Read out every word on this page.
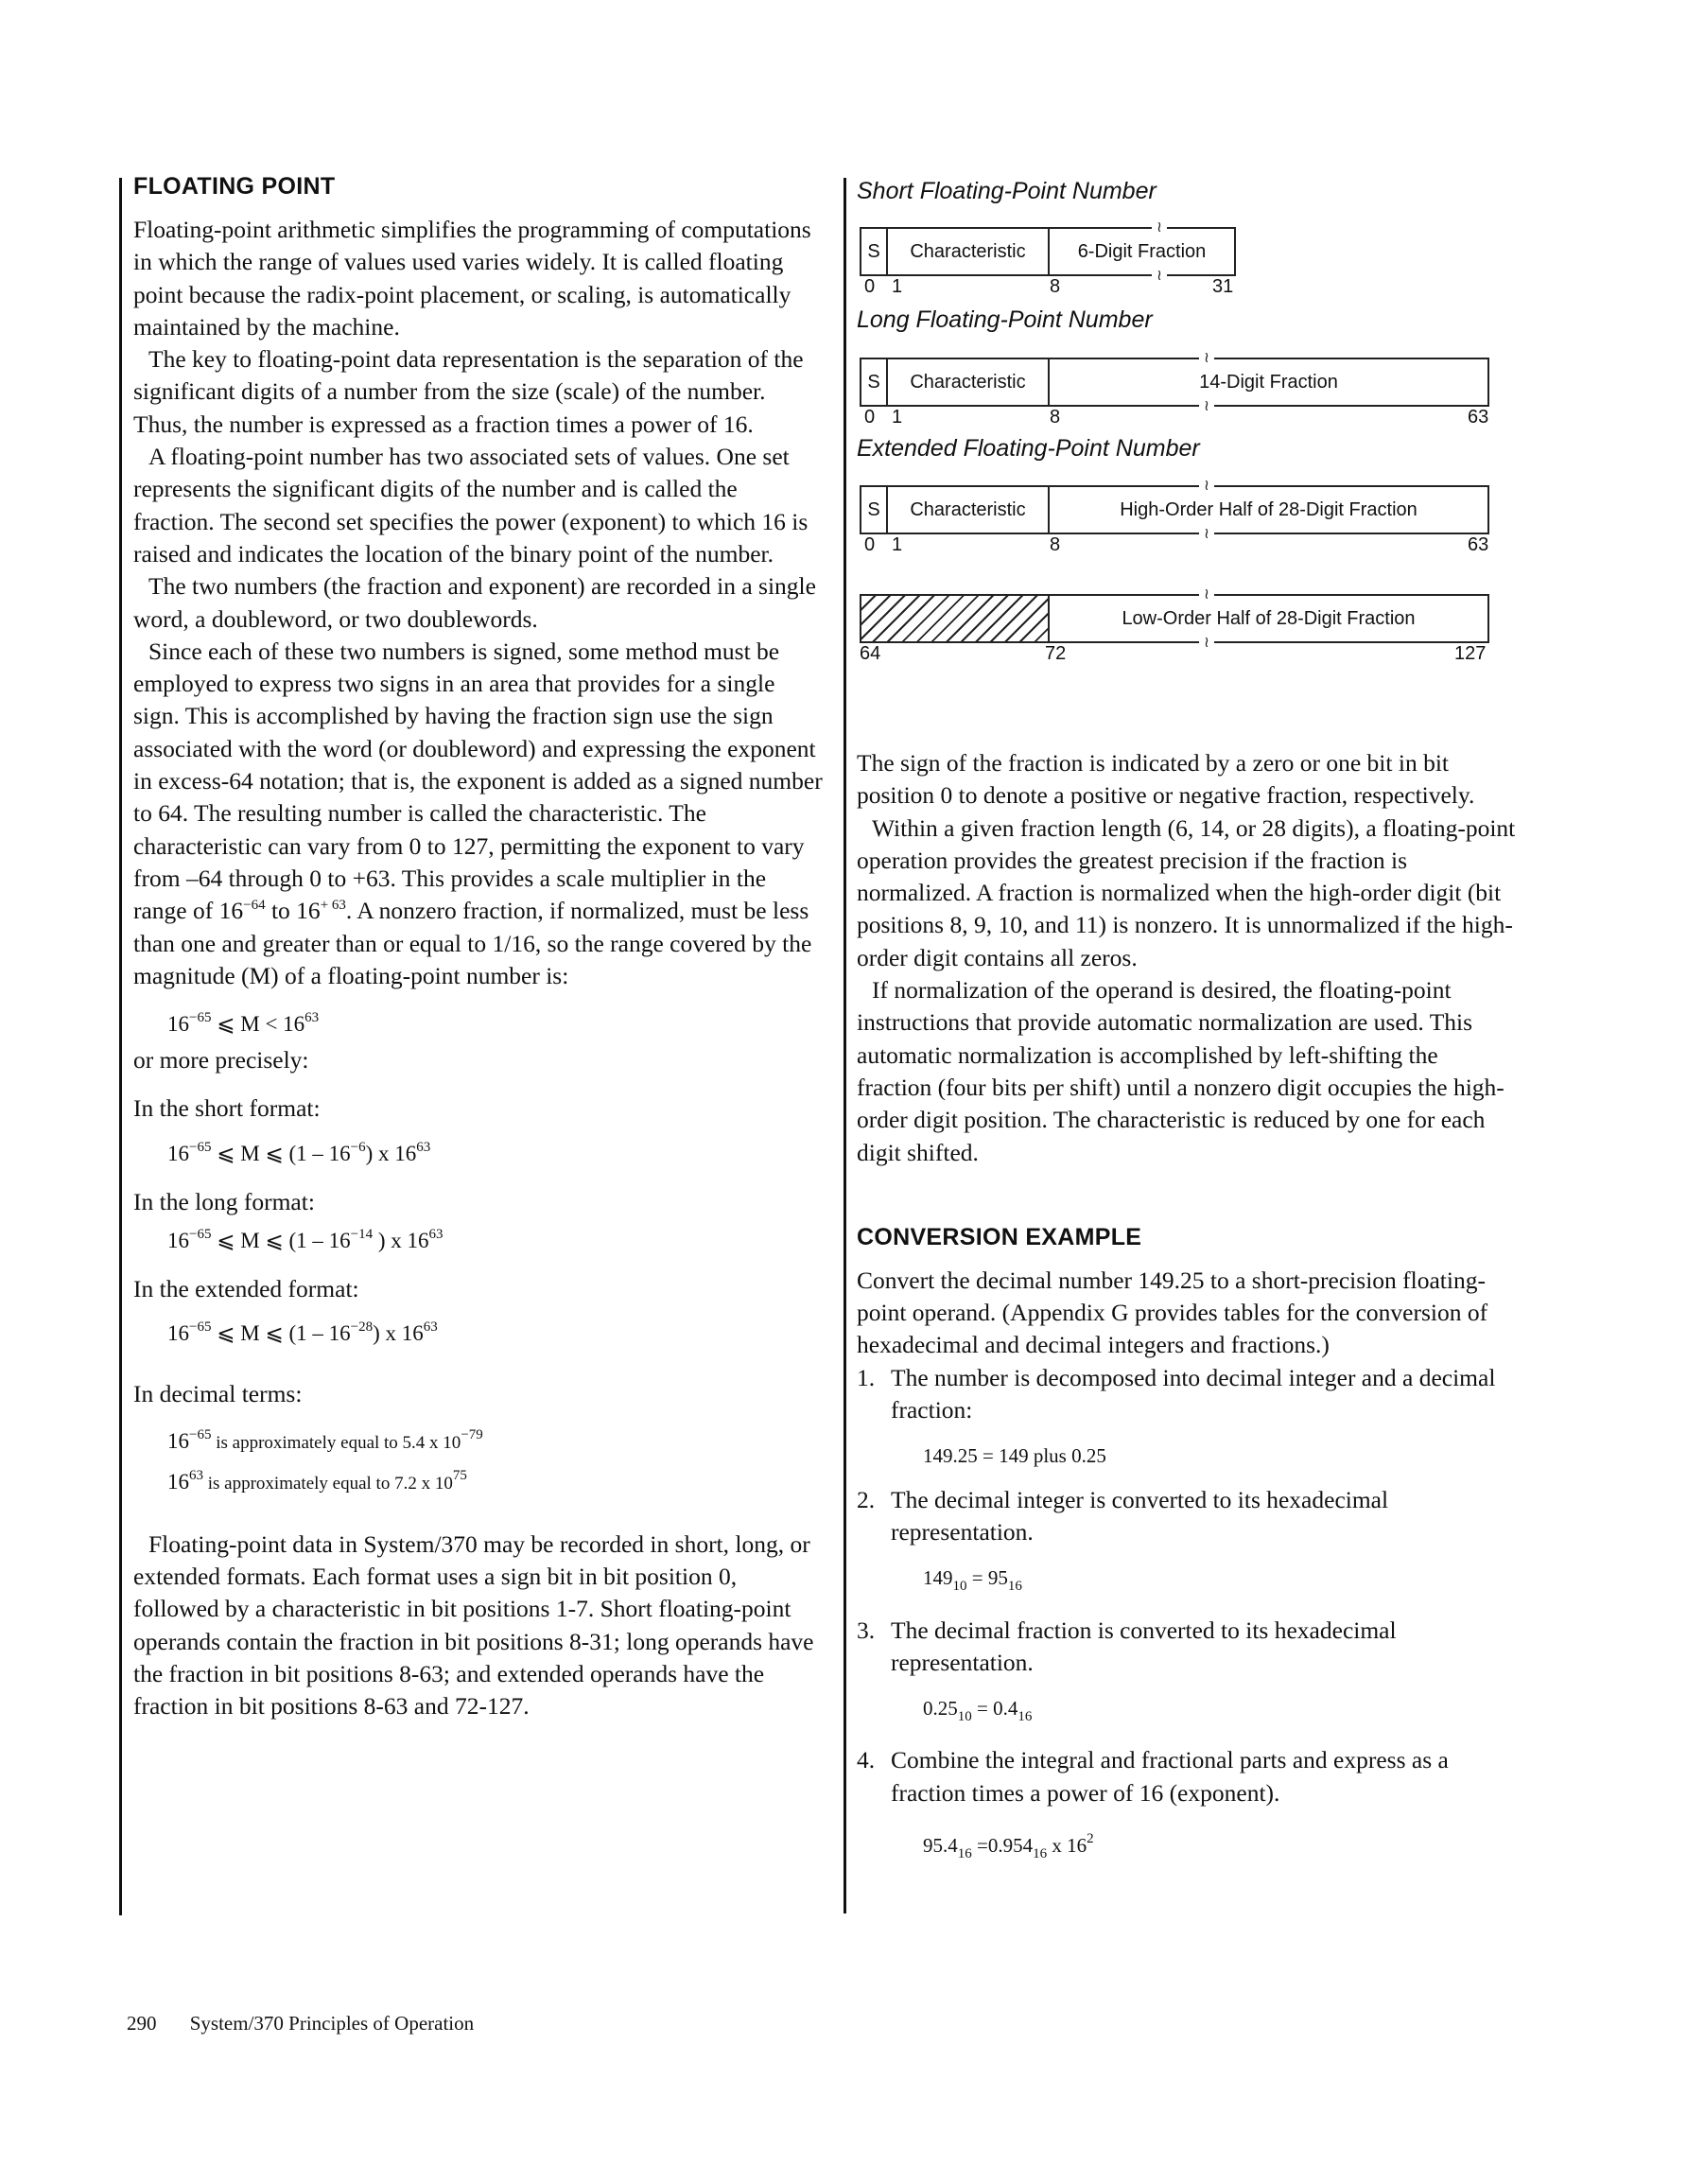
FLOATING POINT

Floating-point arithmetic simplifies the programming of computations in which the range of values used varies widely. It is called floating point because the radix-point placement, or scaling, is automatically maintained by the machine.

The key to floating-point data representation is the separation of the significant digits of a number from the size (scale) of the number. Thus, the number is expressed as a fraction times a power of 16.

A floating-point number has two associated sets of values. One set represents the significant digits of the number and is called the fraction. The second set specifies the power (exponent) to which 16 is raised and indicates the location of the binary point of the number.

The two numbers (the fraction and exponent) are recorded in a single word, a doubleword, or two doublewords.

Since each of these two numbers is signed, some method must be employed to express two signs in an area that provides for a single sign. This is accomplished by having the fraction sign use the sign associated with the word (or doubleword) and expressing the exponent in excess-64 notation; that is, the exponent is added as a signed number to 64. The resulting number is called the characteristic. The characteristic can vary from 0 to 127, permitting the exponent to vary from –64 through 0 to +63. This provides a scale multiplier in the range of $16^{-64}$ to $16^{+ 63}$. A nonzero fraction, if normalized, must be less than one and greater than or equal to 1/16, so the range covered by the magnitude (M) of a floating-point number is:

$16^{-65}$ ⩽ $M < 16^{63}$

or more precisely:

In the short format:

$16^{-65}$ ⩽ M ⩽ $(1 - 16^{-6})$ x $16^{63}$

In the long format:

$16^{-65}$ ⩽ M ⩽ ($1 - 16^{-14}$ ) x $16^{63}$

In the extended format:

$16^{-65}$ ⩽ M ⩽ $(1 - 16^{-28})$ x $16^{63}$

In decimal terms:

$16^{-65}$ is approximately equal to 5.4 x $10^{-79}$
$16^{63}$ is approximately equal to 7.2 x $10^{75}$

Floating-point data in System/370 may be recorded in short, long, or extended formats. Each format uses a sign bit in bit position 0, followed by a characteristic in bit positions 1-7. Short floating-point operands contain the fraction in bit positions 8-31; long operands have the fraction in bit positions 8-63; and extended operands have the fraction in bit positions 8-63 and 72-127.

Short Floating-Point Number
S	Characteristic	6-Digit Fraction
≀
≀
0 1	8	31
Long Floating-Point Number
S	Characteristic	14-Digit Fraction
≀
≀
0 1	8	63
Extended Floating-Point Number
S	Characteristic	High-Order Half of 28-Digit Fraction
≀
≀
0 1	8	63
Low-Order Half of 28-Digit Fraction
≀
≀
64	72	127

The sign of the fraction is indicated by a zero or one bit in bit position 0 to denote a positive or negative fraction, respectively.

Within a given fraction length (6, 14, or 28 digits), a floating-point operation provides the greatest precision if the fraction is normalized. A fraction is normalized when the high-order digit (bit positions 8, 9, 10, and 11) is nonzero. It is unnormalized if the high-order digit contains all zeros.

If normalization of the operand is desired, the floating-point instructions that provide automatic normalization are used. This automatic normalization is accomplished by left-shifting the fraction (four bits per shift) until a nonzero digit occupies the high-order digit position. The characteristic is reduced by one for each digit shifted.

CONVERSION EXAMPLE

Convert the decimal number 149.25 to a short-precision floating-point operand. (Appendix G provides tables for the conversion of hexadecimal and decimal integers and fractions.)

1. The number is decomposed into decimal integer and a decimal fraction:
149.25 = 149 plus 0.25
2. The decimal integer is converted to its hexadecimal representation.
$149_{10} = 95_{16}$
3. The decimal fraction is converted to its hexadecimal representation.
$0.25_{10} = 0.4_{16}$
4. Combine the integral and fractional parts and express as a fraction times a power of 16 (exponent).
$95.4_{16} =0.954_{16}$ x $16^2$
290 System/370 Principles of Operation
